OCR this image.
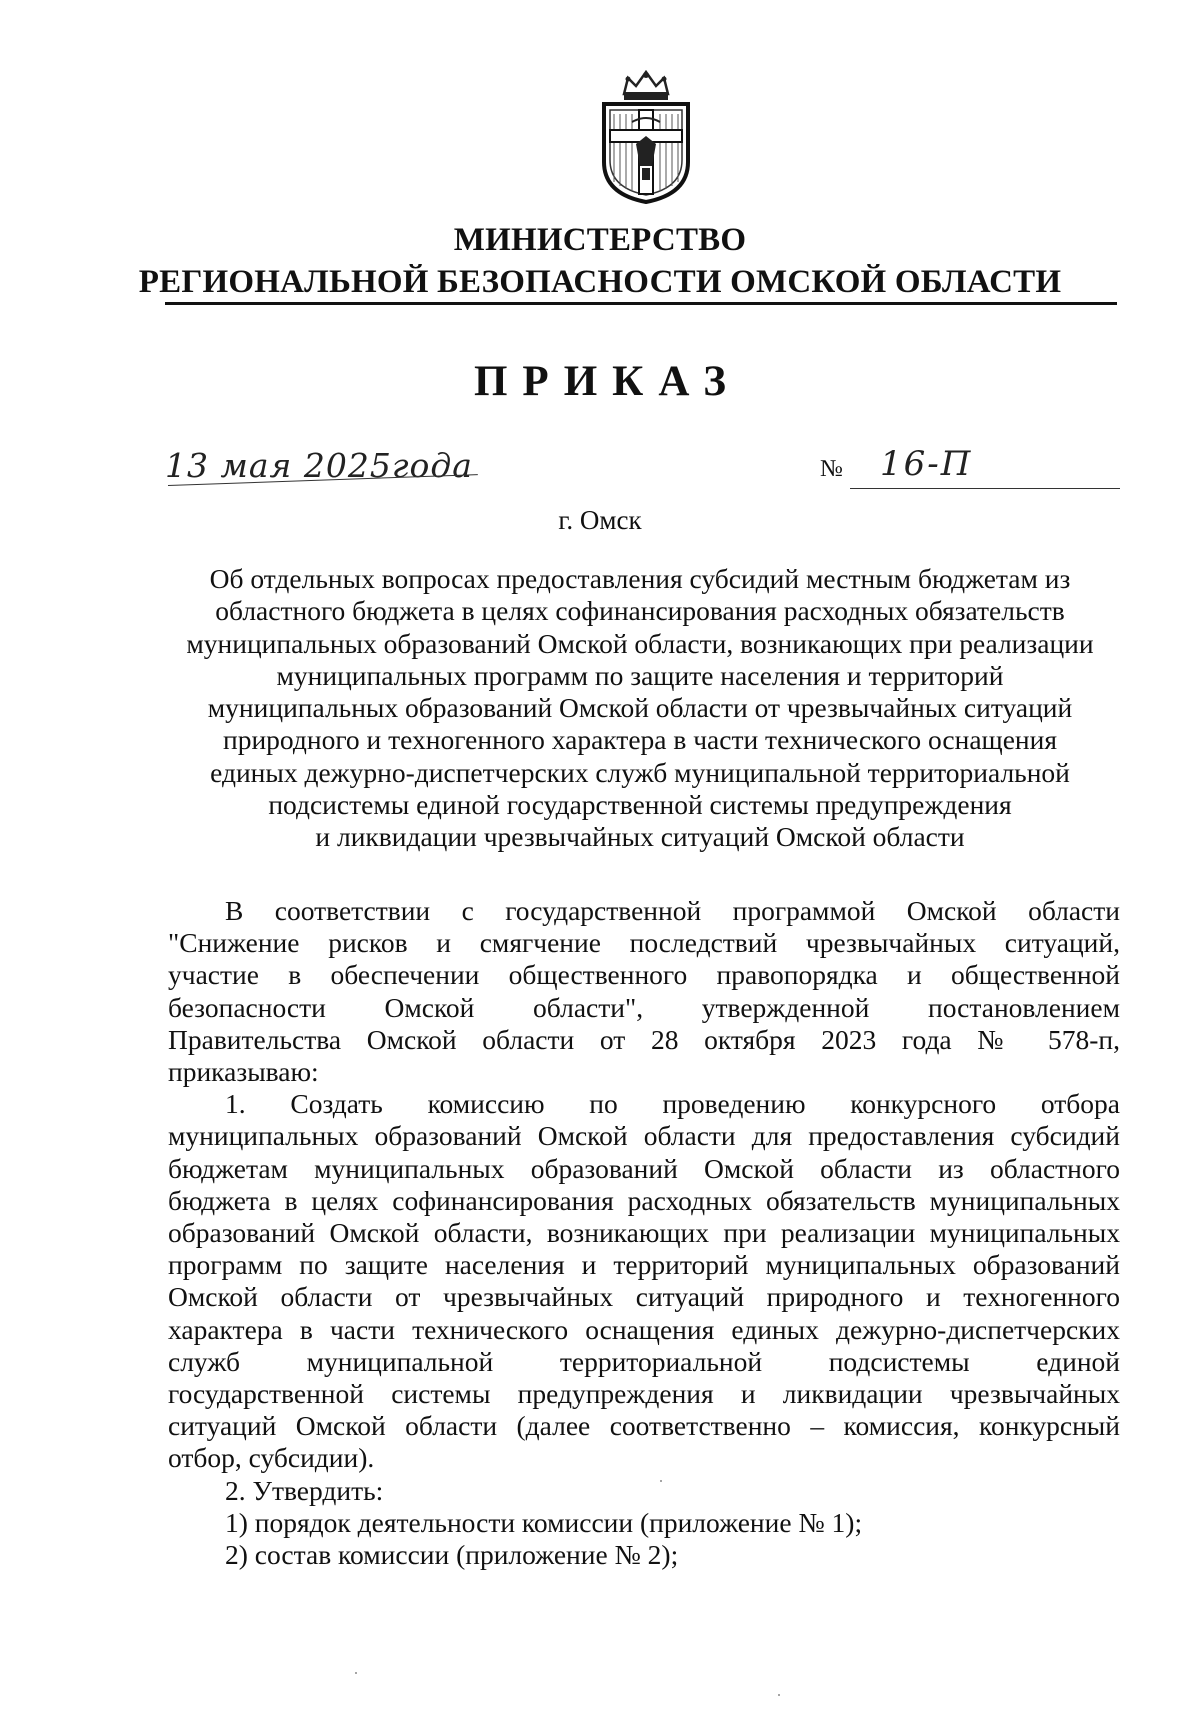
МИНИСТЕРСТВО
РЕГИОНАЛЬНОЙ БЕЗОПАСНОСТИ ОМСКОЙ ОБЛАСТИ
ПРИКАЗ
13 мая 2025года	№ 16-П
г. Омск
Об отдельных вопросах предоставления субсидий местным бюджетам из
областного бюджета в целях софинансирования расходных обязательств
муниципальных образований Омской области, возникающих при реализации
муниципальных программ по защите населения и территорий
муниципальных образований Омской области от чрезвычайных ситуаций
природного и техногенного характера в части технического оснащения
единых дежурно-диспетчерских служб муниципальной территориальной
подсистемы единой государственной системы предупреждения
и ликвидации чрезвычайных ситуаций Омской области
В соответствии с государственной программой Омской области
"Снижение рисков и смягчение последствий чрезвычайных ситуаций,
участие в обеспечении общественного правопорядка и общественной
безопасности Омской области", утвержденной постановлением
Правительства Омской области от 28 октября 2023 года № 578-п,
приказываю:
1. Создать комиссию по проведению конкурсного отбора
муниципальных образований Омской области для предоставления субсидий
бюджетам муниципальных образований Омской области из областного
бюджета в целях софинансирования расходных обязательств муниципальных
образований Омской области, возникающих при реализации муниципальных
программ по защите населения и территорий муниципальных образований
Омской области от чрезвычайных ситуаций природного и техногенного
характера в части технического оснащения единых дежурно-диспетчерских
служб муниципальной территориальной подсистемы единой
государственной системы предупреждения и ликвидации чрезвычайных
ситуаций Омской области (далее соответственно – комиссия, конкурсный
отбор, субсидии).
2. Утвердить:
1) порядок деятельности комиссии (приложение № 1);
2) состав комиссии (приложение № 2);
